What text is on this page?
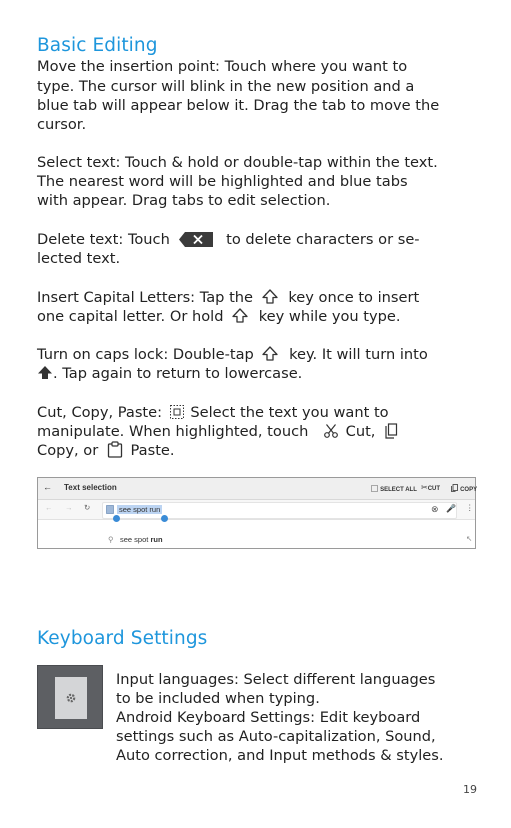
Basic Editing
Move the insertion point: Touch where you want to
type. The cursor will blink in the new position and a
blue tab will appear below it. Drag the tab to move the
cursor.
Select text: Touch & hold or double-tap within the text.
The nearest word will be highlighted and blue tabs
with appear. Drag tabs to edit selection.
Delete text: Touch	to delete characters or se-
lected text.
Insert Capital Letters: Tap the key once to insert
one capital letter. Or hold key while you type.
Turn on caps lock: Double-tap key. It will turn into
. Tap again to return to lowercase.
Cut, Copy, Paste: Select the text you want to
manipulate. When highlighted, touch	Cut,
Copy, or Paste.
← Text selection	SELECT ALL ✂CUT	COPY
← → ↻	see spot run	⊗ 🎤 ⋮
⚲ see spot run	↖
Keyboard Settings
Input languages: Select different languages
to be included when typing.
Android Keyboard Settings: Edit keyboard
settings such as Auto-capitalization, Sound,
Auto correction, and Input methods & styles.
19
